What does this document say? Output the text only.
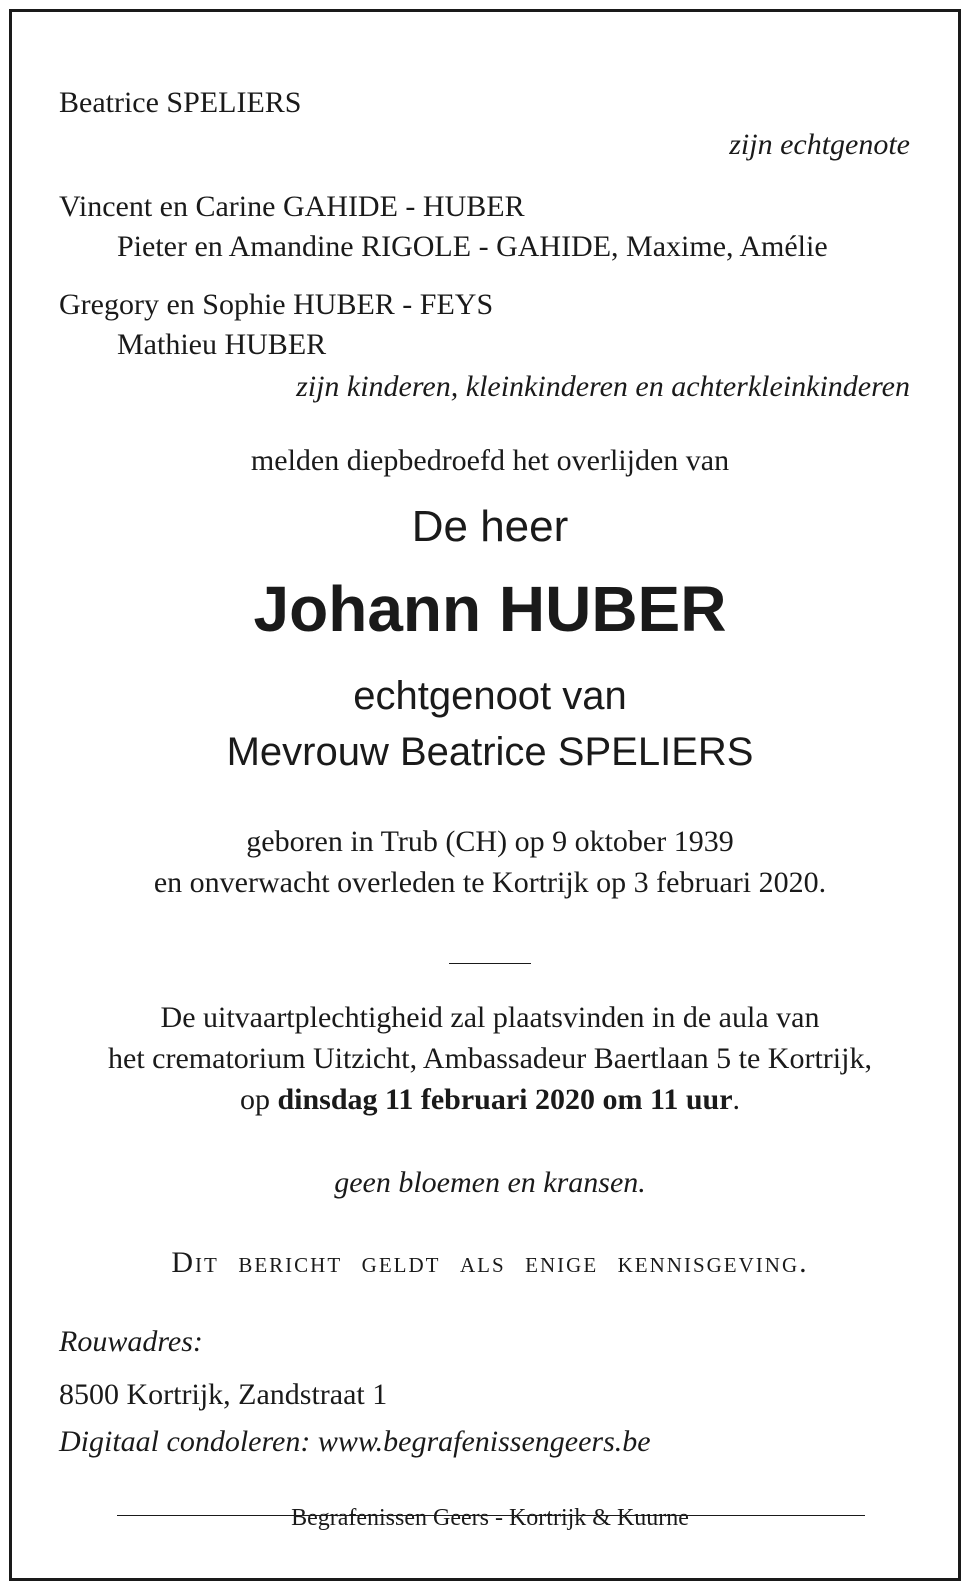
Beatrice SPELIERS
zijn echtgenote
Vincent en Carine GAHIDE - HUBER
Pieter en Amandine RIGOLE - GAHIDE, Maxime, Amélie
Gregory en Sophie HUBER - FEYS
Mathieu HUBER
zijn kinderen, kleinkinderen en achterkleinkinderen
melden diepbedroefd het overlijden van
De heer
Johann HUBER
echtgenoot van
Mevrouw Beatrice SPELIERS
geboren in Trub (CH) op 9 oktober 1939
en onverwacht overleden te Kortrijk op 3 februari 2020.
De uitvaartplechtigheid zal plaatsvinden in de aula van
het crematorium Uitzicht, Ambassadeur Baertlaan 5 te Kortrijk,
op dinsdag 11 februari 2020 om 11 uur.
geen bloemen en kransen.
Dit bericht geldt als enige kennisgeving.
Rouwadres:
8500 Kortrijk, Zandstraat 1
Digitaal condoleren: www.begrafenissengeers.be
Begrafenissen Geers - Kortrijk & Kuurne
